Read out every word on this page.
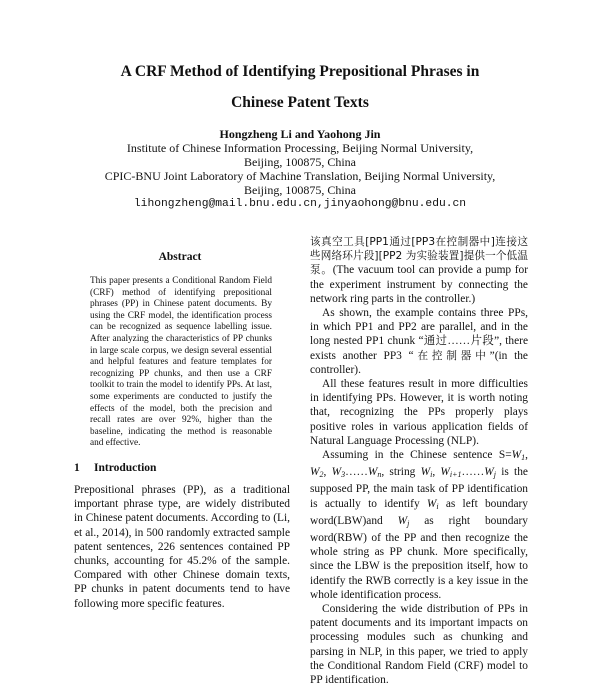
A CRF Method of Identifying Prepositional Phrases in
Chinese Patent Texts
Hongzheng Li and Yaohong Jin
Institute of Chinese Information Processing, Beijing Normal University,
Beijing, 100875, China
CPIC-BNU Joint Laboratory of Machine Translation, Beijing Normal University,
Beijing, 100875, China
lihongzheng@mail.bnu.edu.cn,jinyaohong@bnu.edu.cn
Abstract

This paper presents a Conditional Random Field (CRF) method of identifying prepositional phrases (PP) in Chinese patent documents. By using the CRF model, the identification process can be recognized as sequence labelling issue. After analyzing the characteristics of PP chunks in large scale corpus, we design several essential and helpful features and feature templates for recognizing PP chunks, and then use a CRF toolkit to train the model to identify PPs. At last, some experiments are conducted to justify the effects of the model, both the precision and recall rates are over 92%, higher than the baseline, indicating the method is reasonable and effective.

1 Introduction

Prepositional phrases (PP), as a traditional important phrase type, are widely distributed in Chinese patent documents. According to (Li, et al., 2014), in 500 randomly extracted sample patent sentences, 226 sentences contained PP chunks, accounting for 45.2% of the sample. Compared with other Chinese domain texts, PP chunks in patent documents tend to have following more specific features.

该真空工具[PP1通过[PP3在控制器中]连接这些网络环片段][PP2 为实验装置]提供一个低温泵。(The vacuum tool can provide a pump for the experiment instrument by connecting the network ring parts in the controller.)

As shown, the example contains three PPs, in which PP1 and PP2 are parallel, and in the long nested PP1 chunk “通过……片段”, there exists another PP3 “在控制器中”(in the controller).

All these features result in more difficulties in identifying PPs. However, it is worth noting that, recognizing the PPs properly plays positive roles in various application fields of Natural Language Processing (NLP).

Assuming in the Chinese sentence $S=W_1$, $W_2$, $W_3\dots\dots W_n$, string $W_i$, $W_{i+1}\dots\dots W_j$ is the supposed PP, the main task of PP identification is actually to identify $W_i$ as left boundary word(LBW)and $W_j$ as right boundary word(RBW) of the PP and then recognize the whole string as PP chunk. More specifically, since the LBW is the preposition itself, how to identify the RWB correctly is a key issue in the whole identification process.

Considering the wide distribution of PPs in patent documents and its important impacts on processing modules such as chunking and parsing in NLP, in this paper, we tried to apply the Conditional Random Field (CRF) model to PP identification.
